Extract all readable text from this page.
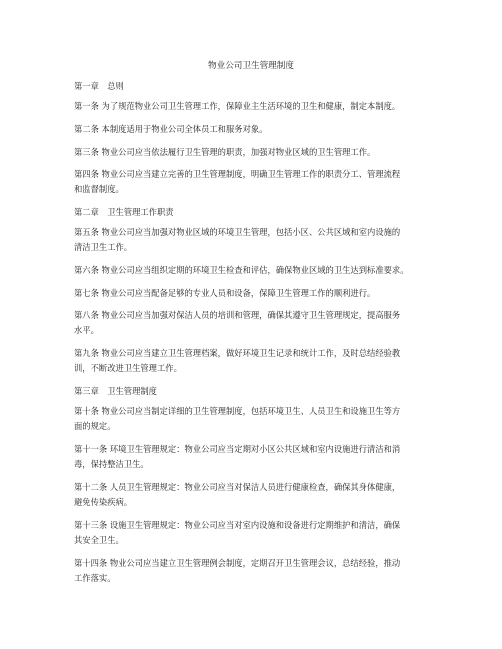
物业公司卫生管理制度
第一章　总则
第一条 为了规范物业公司卫生管理工作，保障业主生活环境的卫生和健康，制定本制度。
第二条 本制度适用于物业公司全体员工和服务对象。
第三条 物业公司应当依法履行卫生管理的职责，加强对物业区域的卫生管理工作。
第四条 物业公司应当建立完善的卫生管理制度，明确卫生管理工作的职责分工、管理流程
和监督制度。
第二章　卫生管理工作职责
第五条 物业公司应当加强对物业区域的环境卫生管理，包括小区、公共区域和室内设施的
清洁卫生工作。
第六条 物业公司应当组织定期的环境卫生检查和评估，确保物业区域的卫生达到标准要求。
第七条 物业公司应当配备足够的专业人员和设备，保障卫生管理工作的顺利进行。
第八条 物业公司应当加强对保洁人员的培训和管理，确保其遵守卫生管理规定，提高服务
水平。
第九条 物业公司应当建立卫生管理档案，做好环境卫生记录和统计工作，及时总结经验教
训，不断改进卫生管理工作。
第三章　卫生管理制度
第十条 物业公司应当制定详细的卫生管理制度，包括环境卫生、人员卫生和设施卫生等方
面的规定。
第十一条 环境卫生管理规定：物业公司应当定期对小区公共区域和室内设施进行清洁和消
毒，保持整洁卫生。
第十二条 人员卫生管理规定：物业公司应当对保洁人员进行健康检查，确保其身体健康，
避免传染疾病。
第十三条 设施卫生管理规定：物业公司应当对室内设施和设备进行定期维护和清洁，确保
其安全卫生。
第十四条 物业公司应当建立卫生管理例会制度，定期召开卫生管理会议，总结经验，推动
工作落实。
